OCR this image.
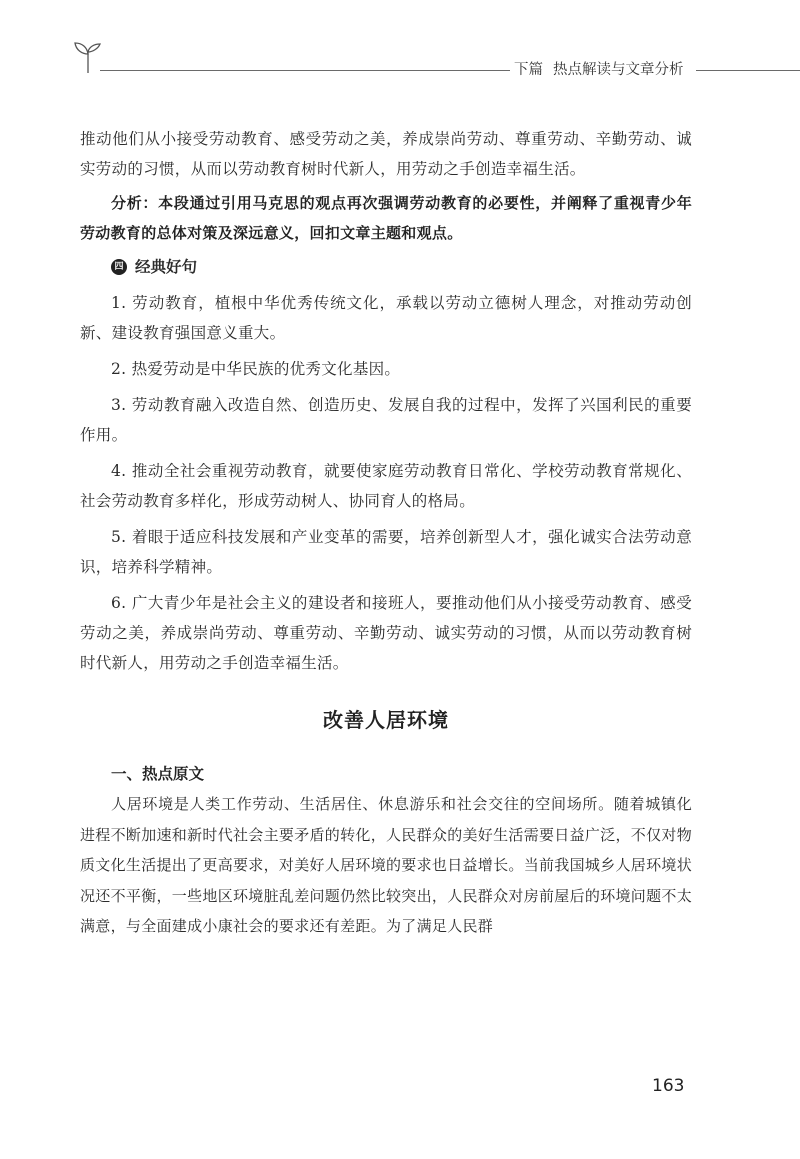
下篇 热点解读与文章分析

推动他们从小接受劳动教育、感受劳动之美，养成崇尚劳动、尊重劳动、辛勤劳动、诚实劳动的习惯，从而以劳动教育树时代新人，用劳动之手创造幸福生活。

分析：本段通过引用马克思的观点再次强调劳动教育的必要性，并阐释了重视青少年劳动教育的总体对策及深远意义，回扣文章主题和观点。

四 经典好句

1. 劳动教育，植根中华优秀传统文化，承载以劳动立德树人理念，对推动劳动创新、建设教育强国意义重大。

2. 热爱劳动是中华民族的优秀文化基因。

3. 劳动教育融入改造自然、创造历史、发展自我的过程中，发挥了兴国利民的重要作用。

4. 推动全社会重视劳动教育，就要使家庭劳动教育日常化、学校劳动教育常规化、社会劳动教育多样化，形成劳动树人、协同育人的格局。

5. 着眼于适应科技发展和产业变革的需要，培养创新型人才，强化诚实合法劳动意识，培养科学精神。

6. 广大青少年是社会主义的建设者和接班人，要推动他们从小接受劳动教育、感受劳动之美，养成崇尚劳动、尊重劳动、辛勤劳动、诚实劳动的习惯，从而以劳动教育树时代新人，用劳动之手创造幸福生活。

改善人居环境
一、热点原文

人居环境是人类工作劳动、生活居住、休息游乐和社会交往的空间场所。随着城镇化进程不断加速和新时代社会主要矛盾的转化，人民群众的美好生活需要日益广泛，不仅对物质文化生活提出了更高要求，对美好人居环境的要求也日益增长。当前我国城乡人居环境状况还不平衡，一些地区环境脏乱差问题仍然比较突出，人民群众对房前屋后的环境问题不太满意，与全面建成小康社会的要求还有差距。为了满足人民群

163
